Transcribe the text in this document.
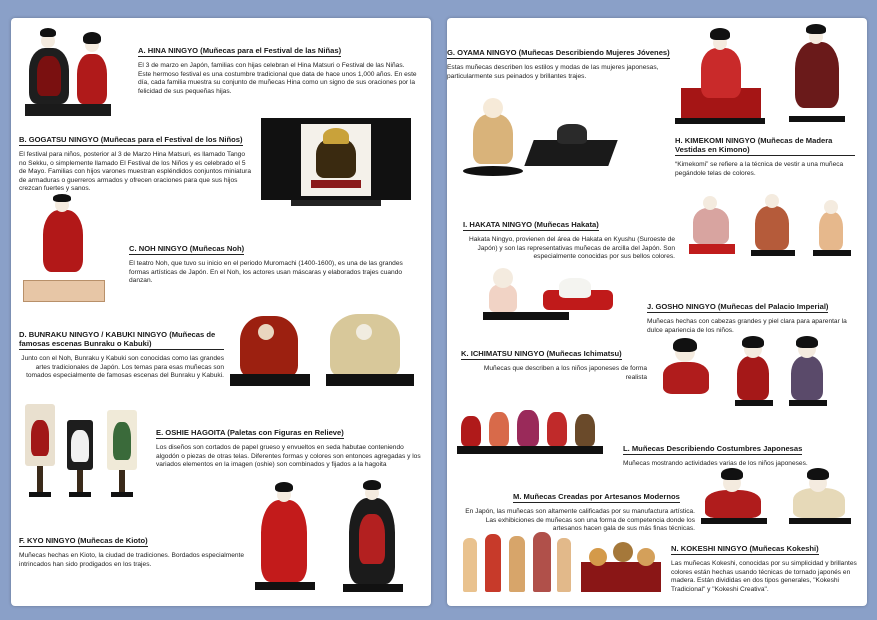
A. HINA NINGYO (Muñecas para el Festival de las Niñas)
El 3 de marzo en Japón, familias con hijas celebran el Hina Matsuri o Festival de las Niñas. Este hermoso festival es una costumbre tradicional que data de hace unos 1,000 años. En este día, cada familia muestra su conjunto de muñecas Hina como un signo de sus oraciones por la felicidad de sus pequeñas hijas.
B. GOGATSU NINGYO (Muñecas para el Festival de los Niños)
El festival para niños, posterior al 3 de Marzo Hina Matsuri, es llamado Tango no Sekku, o simplemente llamado El Festival de los Niños y es celebrado el 5 de Mayo. Familias con hijos varones muestran espléndidos conjuntos miniatura de armaduras o guerreros armados y ofrecen oraciones para que sus hijos crezcan fuertes y sanos.
C. NOH NINGYO (Muñecas Noh)
El teatro Noh, que tuvo su inicio en el periodo Muromachi (1400-1600), es una de las grandes formas artísticas de Japón. En el Noh, los actores usan máscaras y elaborados trajes cuando danzan.
D. BUNRAKU NINGYO / KABUKI NINGYO (Muñecas de famosas escenas Bunraku o Kabuki)
Junto con el Noh, Bunraku y Kabuki son conocidas como las grandes artes tradicionales de Japón. Los temas para esas muñecas son tomados especialmente de famosas escenas del Bunraku y Kabuki.
E. OSHIE HAGOITA (Paletas con Figuras en Relieve)
Los diseños son cortados de papel grueso y envueltos en seda habutae conteniendo algodón o piezas de otras telas. Diferentes formas y colores son entonces agregadas y los variados elementos en la imagen (oshie) son combinados y fijados a la hagoita
F. KYO NINGYO (Muñecas de Kioto)
Muñecas hechas en Kioto, la ciudad de tradiciones. Bordados especialmente intrincados han sido prodigados en los trajes.
G. OYAMA NINGYO (Muñecas Describiendo Mujeres Jóvenes)
Estas muñecas describen los estilos y modas de las mujeres japonesas, particularmente sus peinados y brillantes trajes.
H. KIMEKOMI NINGYO (Muñecas de Madera Vestidas en Kimono)
“Kimekomi” se refiere a la técnica de vestir a una muñeca pegándole telas de colores.
I. HAKATA NINGYO (Muñecas Hakata)
Hakata Ningyo, provienen del área de Hakata en Kyushu (Suroeste de Japón) y son las representativas muñecas de arcilla del Japón. Son especialmente conocidas por sus bellos colores.
J. GOSHO NINGYO (Muñecas del Palacio Imperial)
Muñecas hechas con cabezas grandes y piel clara para aparentar la dulce apariencia de los niños.
K. ICHIMATSU NINGYO (Muñecas Ichimatsu)
Muñecas que describen a los niños japoneses de forma realista
L. Muñecas Describiendo Costumbres Japonesas
Muñecas mostrando actividades varias de los niños japoneses.
M. Muñecas Creadas por Artesanos Modernos
En Japón, las muñecas son altamente calificadas por su manufactura artística. Las exhibiciones de muñecas son una forma de competencia donde los artesanos hacen gala de sus más finas técnicas.
N. KOKESHI NINGYO (Muñecas Kokeshi)
Las muñecas Kokeshi, conocidas por su simplicidad y brillantes colores están hechas usando técnicas de tornado japonés en madera. Están divididas en dos tipos generales, "Kokeshi Tradicional" y "Kokeshi Creativa".
